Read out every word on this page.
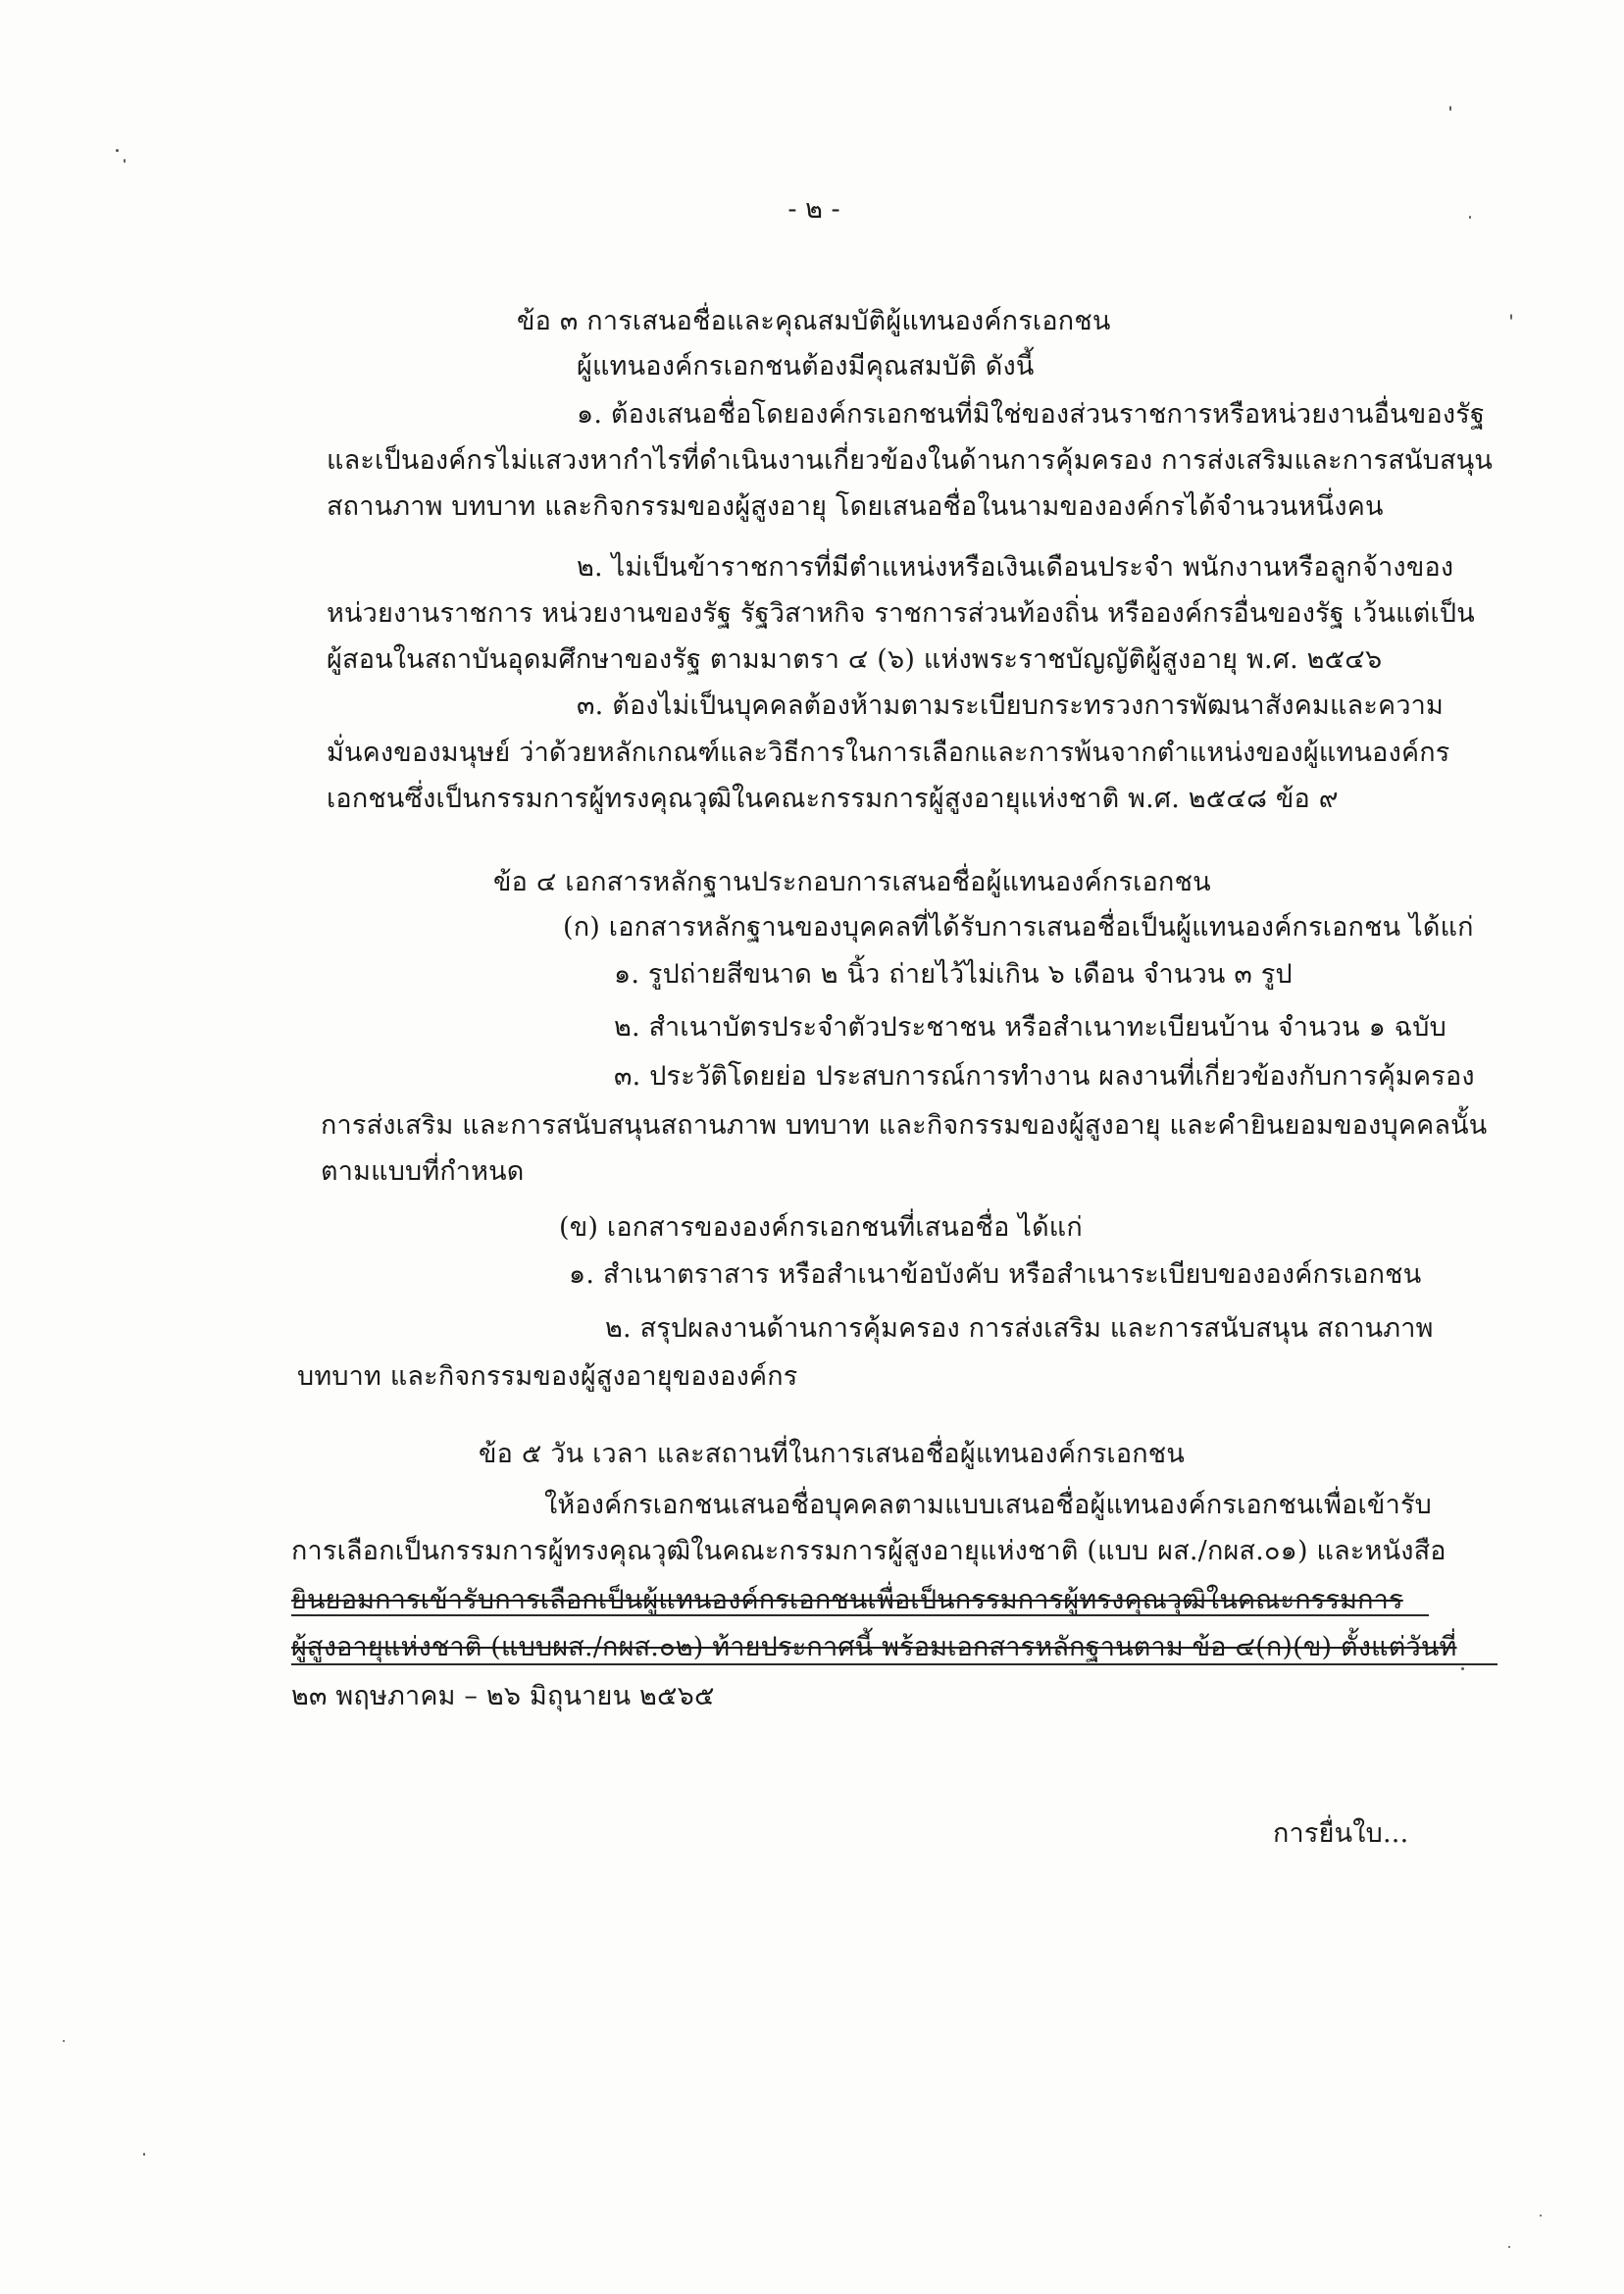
- ๒ -
ข้อ ๓ การเสนอชื่อและคุณสมบัติผู้แทนองค์กรเอกชน
ผู้แทนองค์กรเอกชนต้องมีคุณสมบัติ ดังนี้
๑. ต้องเสนอชื่อโดยองค์กรเอกชนที่มิใช่ของส่วนราชการหรือหน่วยงานอื่นของรัฐ
และเป็นองค์กรไม่แสวงหากำไรที่ดำเนินงานเกี่ยวข้องในด้านการคุ้มครอง การส่งเสริมและการสนับสนุน
สถานภาพ บทบาท และกิจกรรมของผู้สูงอายุ โดยเสนอชื่อในนามขององค์กรได้จำนวนหนึ่งคน
๒. ไม่เป็นข้าราชการที่มีตำแหน่งหรือเงินเดือนประจำ พนักงานหรือลูกจ้างของ
หน่วยงานราชการ หน่วยงานของรัฐ รัฐวิสาหกิจ ราชการส่วนท้องถิ่น หรือองค์กรอื่นของรัฐ เว้นแต่เป็น
ผู้สอนในสถาบันอุดมศึกษาของรัฐ ตามมาตรา ๔ (๖) แห่งพระราชบัญญัติผู้สูงอายุ พ.ศ. ๒๕๔๖
๓. ต้องไม่เป็นบุคคลต้องห้ามตามระเบียบกระทรวงการพัฒนาสังคมและความ
มั่นคงของมนุษย์ ว่าด้วยหลักเกณฑ์และวิธีการในการเลือกและการพ้นจากตำแหน่งของผู้แทนองค์กร
เอกชนซึ่งเป็นกรรมการผู้ทรงคุณวุฒิในคณะกรรมการผู้สูงอายุแห่งชาติ พ.ศ. ๒๕๔๘ ข้อ ๙
ข้อ ๔ เอกสารหลักฐานประกอบการเสนอชื่อผู้แทนองค์กรเอกชน
(ก) เอกสารหลักฐานของบุคคลที่ได้รับการเสนอชื่อเป็นผู้แทนองค์กรเอกชน ได้แก่
๑. รูปถ่ายสีขนาด ๒ นิ้ว ถ่ายไว้ไม่เกิน ๖ เดือน จำนวน ๓ รูป
๒. สำเนาบัตรประจำตัวประชาชน หรือสำเนาทะเบียนบ้าน จำนวน ๑ ฉบับ
๓. ประวัติโดยย่อ ประสบการณ์การทำงาน ผลงานที่เกี่ยวข้องกับการคุ้มครอง
การส่งเสริม และการสนับสนุนสถานภาพ บทบาท และกิจกรรมของผู้สูงอายุ และคำยินยอมของบุคคลนั้น
ตามแบบที่กำหนด
(ข) เอกสารขององค์กรเอกชนที่เสนอชื่อ ได้แก่
๑. สำเนาตราสาร หรือสำเนาข้อบังคับ หรือสำเนาระเบียบขององค์กรเอกชน
๒. สรุปผลงานด้านการคุ้มครอง การส่งเสริม และการสนับสนุน สถานภาพ
บทบาท และกิจกรรมของผู้สูงอายุขององค์กร
ข้อ ๕ วัน เวลา และสถานที่ในการเสนอชื่อผู้แทนองค์กรเอกชน
ให้องค์กรเอกชนเสนอชื่อบุคคลตามแบบเสนอชื่อผู้แทนองค์กรเอกชนเพื่อเข้ารับ
การเลือกเป็นกรรมการผู้ทรงคุณวุฒิในคณะกรรมการผู้สูงอายุแห่งชาติ (แบบ ผส./กผส.๐๑) และหนังสือ
ยินยอมการเข้ารับการเลือกเป็นผู้แทนองค์กรเอกชนเพื่อเป็นกรรมการผู้ทรงคุณวุฒิในคณะกรรมการ
ผู้สูงอายุแห่งชาติ (แบบผส./กผส.๐๒) ท้ายประกาศนี้ พร้อมเอกสารหลักฐานตาม ข้อ ๔(ก)(ข) ตั้งแต่วันที่
๒๓ พฤษภาคม – ๒๖ มิถุนายน ๒๕๖๕
การยื่นใบ...
